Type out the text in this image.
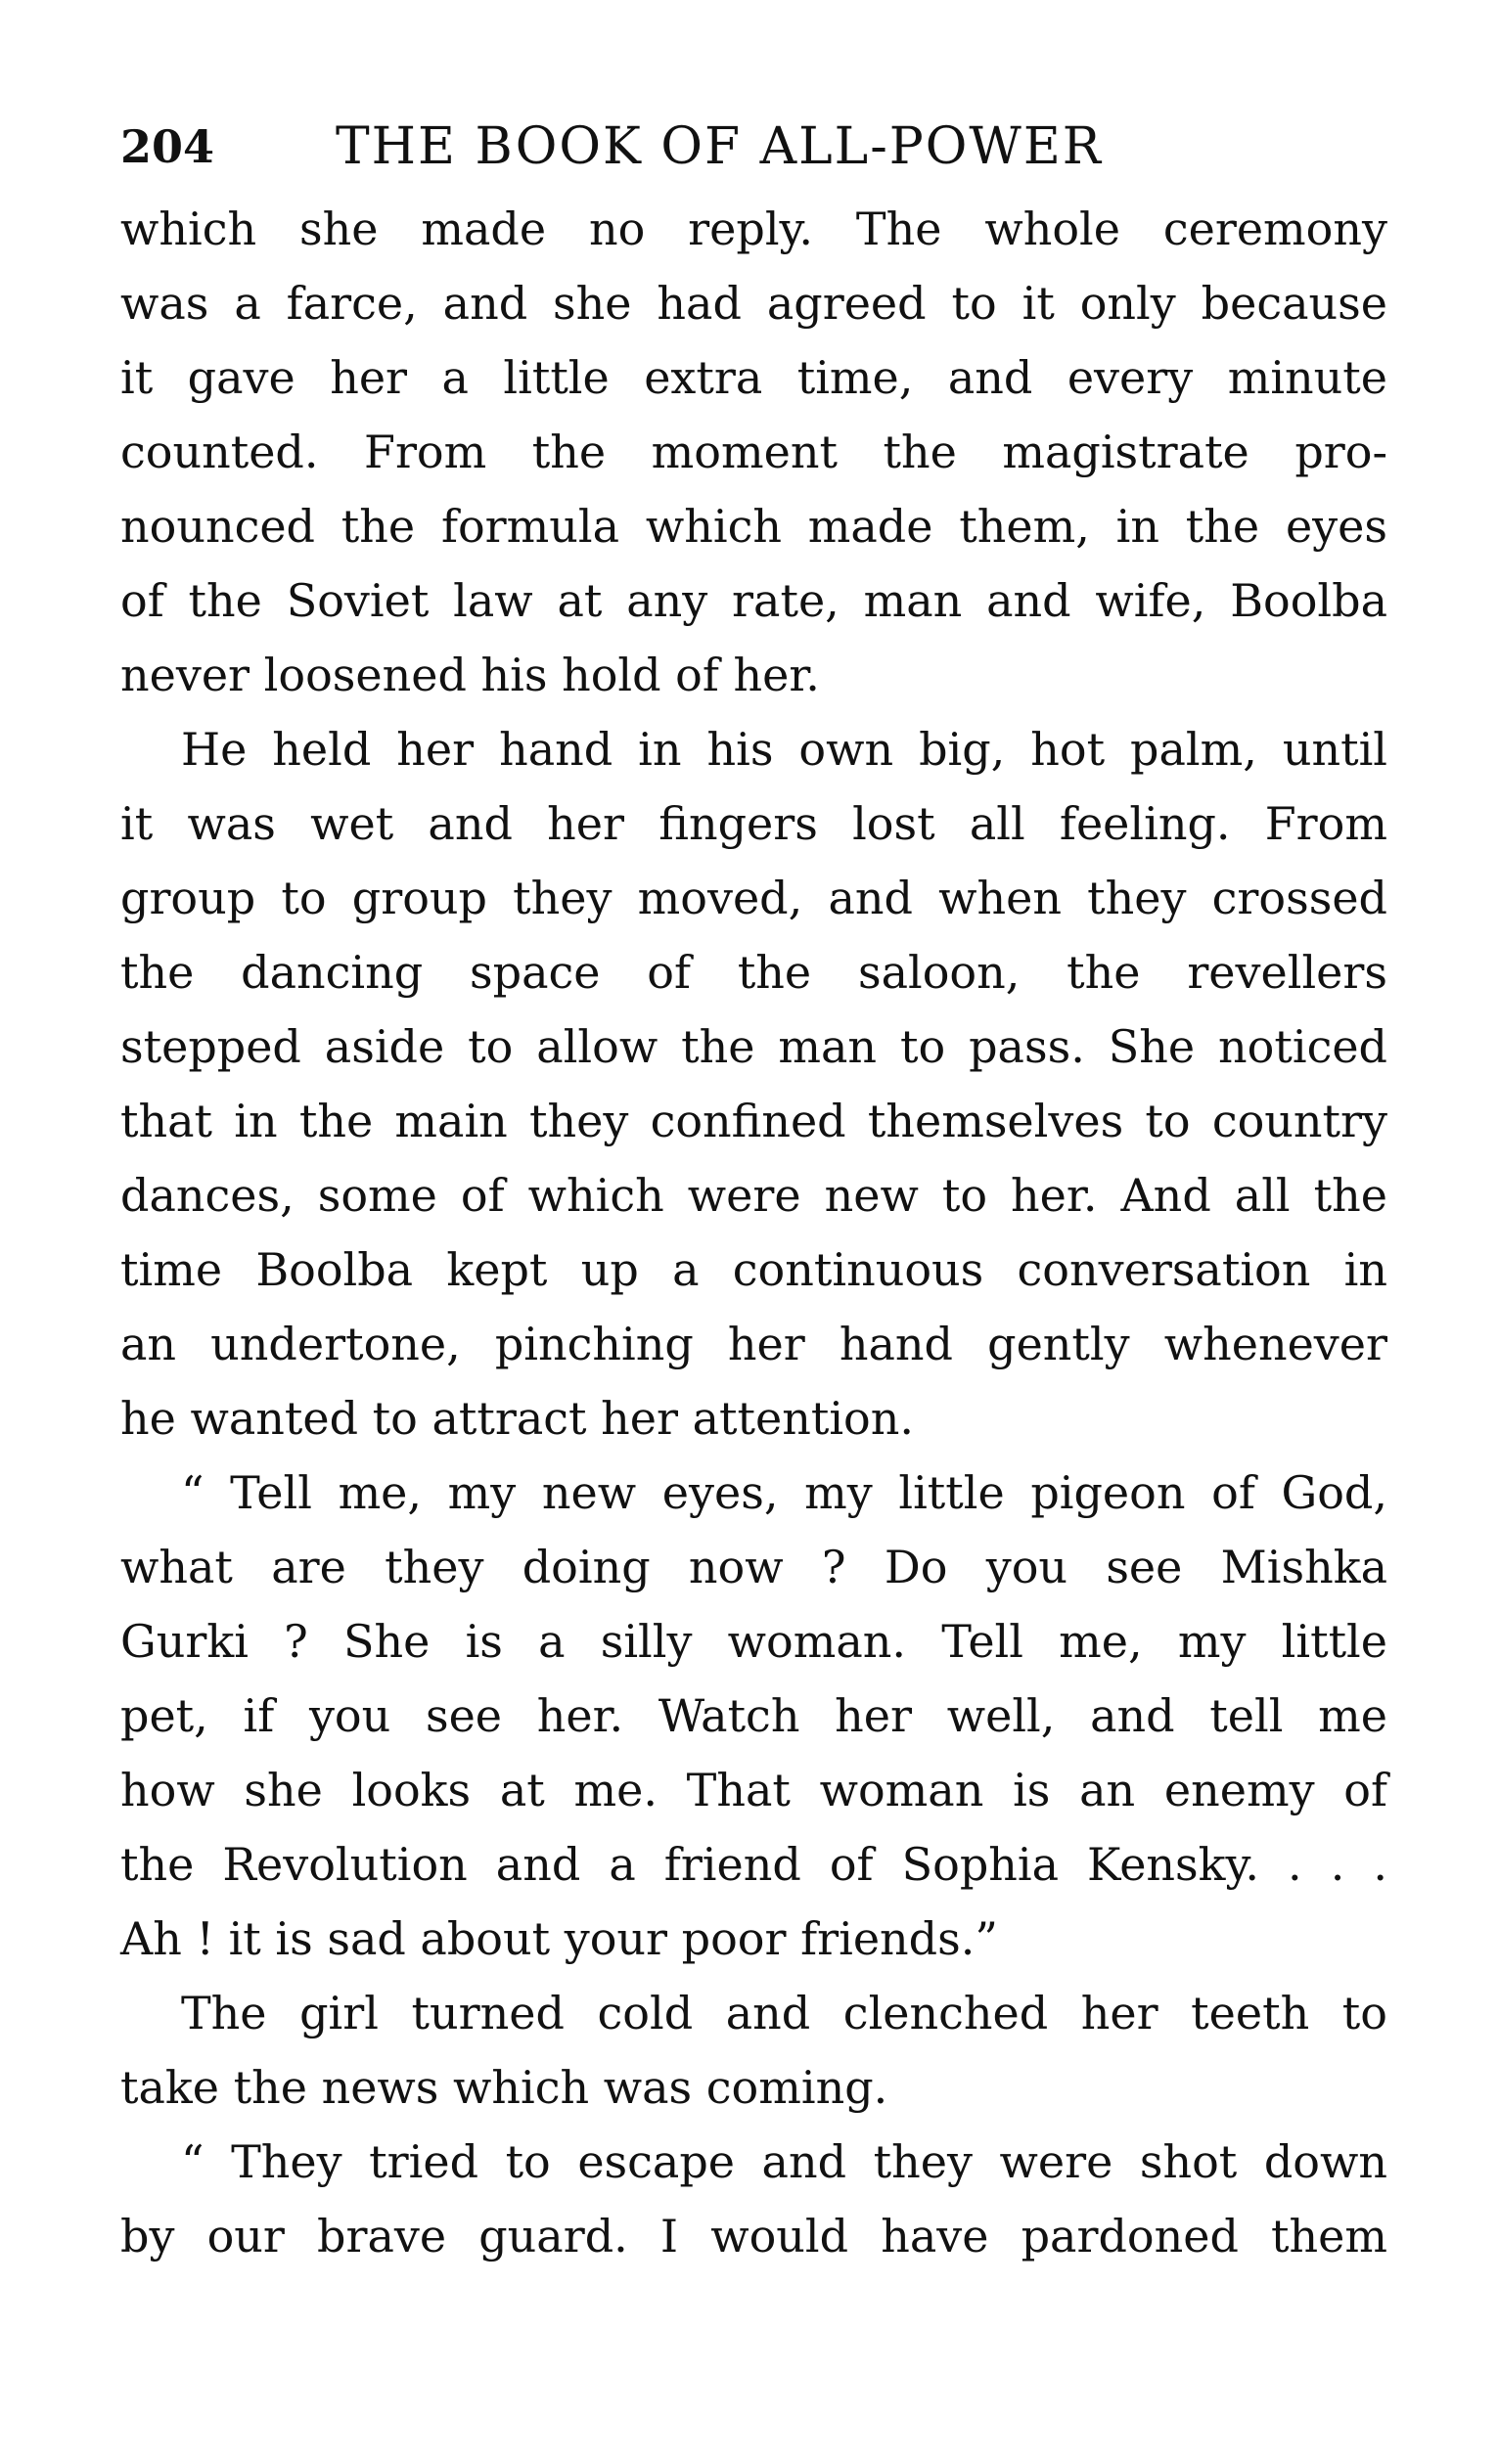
204 THE BOOK OF ALL-POWER
which she made no reply. The whole ceremony
was a farce, and she had agreed to it only because
it gave her a little extra time, and every minute
counted. From the moment the magistrate pro-
nounced the formula which made them, in the eyes
of the Soviet law at any rate, man and wife, Boolba
never loosened his hold of her.
He held her hand in his own big, hot palm, until
it was wet and her fingers lost all feeling. From
group to group they moved, and when they crossed
the dancing space of the saloon, the revellers
stepped aside to allow the man to pass. She noticed
that in the main they confined themselves to country
dances, some of which were new to her. And all the
time Boolba kept up a continuous conversation in
an undertone, pinching her hand gently whenever
he wanted to attract her attention.
“ Tell me, my new eyes, my little pigeon of God,
what are they doing now ? Do you see Mishka
Gurki ? She is a silly woman. Tell me, my little
pet, if you see her. Watch her well, and tell me
how she looks at me. That woman is an enemy of
the Revolution and a friend of Sophia Kensky. . . .
Ah ! it is sad about your poor friends.”
The girl turned cold and clenched her teeth to
take the news which was coming.
“ They tried to escape and they were shot down
by our brave guard. I would have pardoned them
